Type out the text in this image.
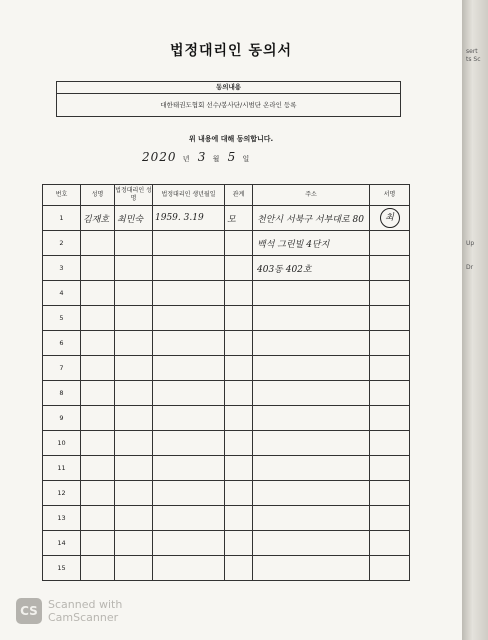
법정대리인 동의서
동의내용
대한태권도협회 선수/봉사단/시범단 온라인 등록
위 내용에 대해 동의합니다.
2020 년 3 월 5 일
번호	성명	법정대리인 성명	법정대리인 생년월일	관계	주소	서명
1	김재호	최민숙	1959. 3.19	모	천안시 서북구 서부대로 80	최
2					백석 그린빌 4단지	
3					403동 402호	
4						
5						
6						
7						
8						
9						
10						
11						
12						
13						
14						
15						
sert
ts Sc
Up
Dr
CS Scanned with
CamScanner
